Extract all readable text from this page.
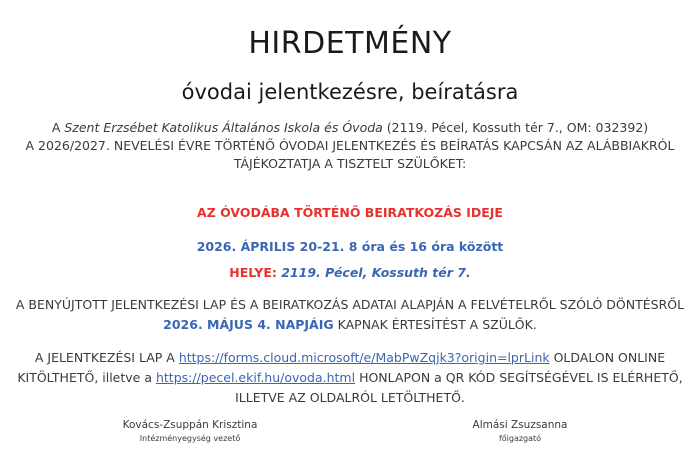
HIRDETMÉNY
óvodai jelentkezésre, beíratásra
A Szent Erzsébet Katolikus Általános Iskola és Óvoda (2119. Pécel, Kossuth tér 7., OM: 032392)
A 2026/2027. NEVELÉSI ÉVRE TÖRTÉNŐ ÓVODAI JELENTKEZÉS ÉS BEÍRATÁS KAPCSÁN AZ ALÁBBIAKRÓL
TÁJÉKOZTATJA A TISZTELT SZÜLŐKET:
AZ ÓVODÁBA TÖRTÉNŐ BEIRATKOZÁS IDEJE
2026. ÁPRILIS 20-21. 8 óra és 16 óra között
HELYE: 2119. Pécel, Kossuth tér 7.
A BENYÚJTOTT JELENTKEZÉSI LAP ÉS A BEIRATKOZÁS ADATAI ALAPJÁN A FELVÉTELRŐL SZÓLÓ DÖNTÉSRŐL
2026. MÁJUS 4. NAPJÁIG KAPNAK ÉRTESÍTÉST A SZÜLŐK.
A JELENTKEZÉSI LAP A https://forms.cloud.microsoft/e/MabPwZqjk3?origin=lprLink OLDALON ONLINE
KITÖLTHETŐ, illetve a https://pecel.ekif.hu/ovoda.html HONLAPON a QR KÓD SEGÍTSÉGÉVEL IS ELÉRHETŐ,
ILLETVE AZ OLDALRÓL LETÖLTHETŐ.
Kovács-Zsuppán Krisztina
Intézményegység vezető
Almási Zsuzsanna
főigazgató
